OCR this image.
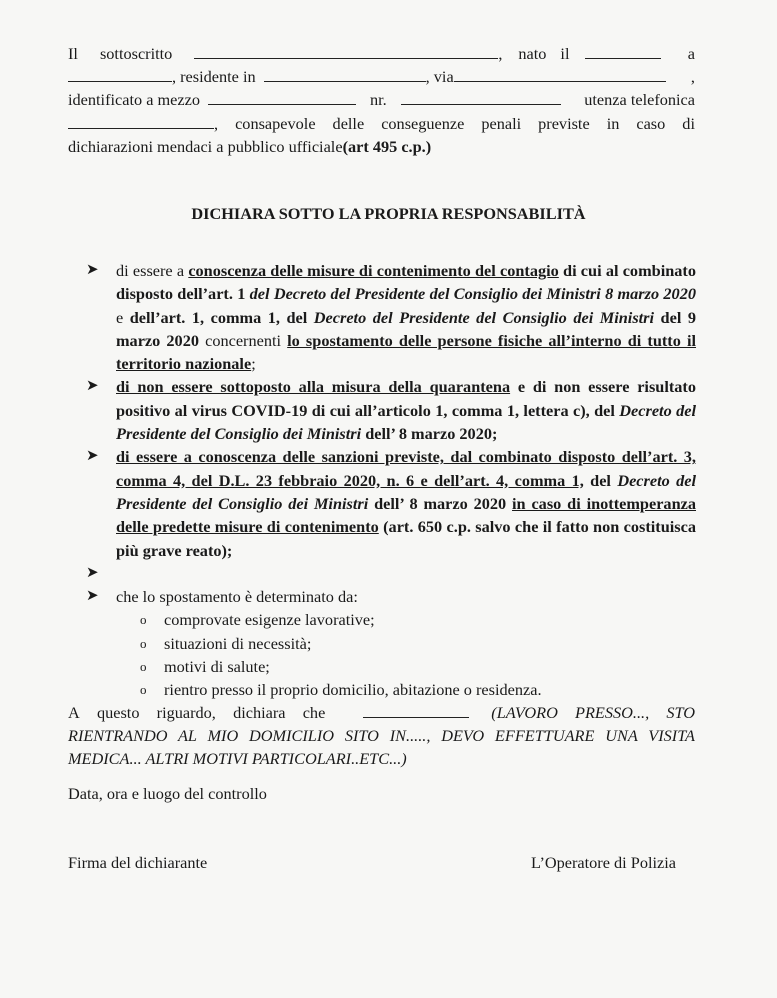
Il sottoscritto	, nato il	a
, residente in	, via	,
identificato a mezzo	nr.	utenza telefonica
, consapevole delle conseguenze penali previste in caso di
dichiarazioni mendaci a pubblico ufficiale (art 495 c.p.)
DICHIARA SOTTO LA PROPRIA RESPONSABILITÀ
➤ di essere a conoscenza delle misure di contenimento del contagio di cui al combinato disposto dell’art. 1 del Decreto del Presidente del Consiglio dei Ministri 8 marzo 2020 e dell’art. 1, comma 1, del Decreto del Presidente del Consiglio dei Ministri del 9 marzo 2020 concernenti lo spostamento delle persone fisiche all’interno di tutto il territorio nazionale;
➤ di non essere sottoposto alla misura della quarantena e di non essere risultato positivo al virus COVID-19 di cui all’articolo 1, comma 1, lettera c), del Decreto del Presidente del Consiglio dei Ministri dell’ 8 marzo 2020;
➤ di essere a conoscenza delle sanzioni previste, dal combinato disposto dell’art. 3, comma 4, del D.L. 23 febbraio 2020, n. 6 e dell’art. 4, comma 1, del Decreto del Presidente del Consiglio dei Ministri dell’ 8 marzo 2020 in caso di inottemperanza delle predette misure di contenimento (art. 650 c.p. salvo che il fatto non costituisca più grave reato);
➤
➤ che lo spostamento è determinato da:
o comprovate esigenze lavorative;
o situazioni di necessità;
o motivi di salute;
o rientro presso il proprio domicilio, abitazione o residenza.
A questo riguardo, dichiara che	(LAVORO PRESSO..., STO
RIENTRANDO AL MIO DOMICILIO SITO IN....., DEVO EFFETTUARE UNA VISITA
MEDICA... ALTRI MOTIVI PARTICOLARI..ETC...)
Data, ora e luogo del controllo
Firma del dichiarante	L’Operatore di Polizia
